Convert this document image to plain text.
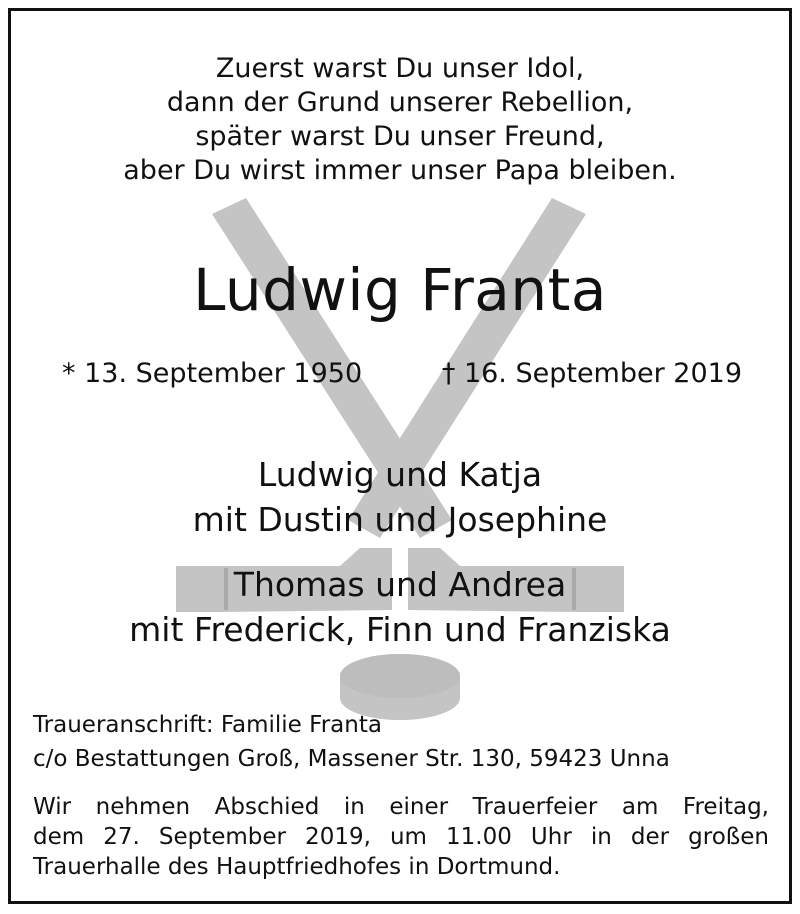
Zuerst warst Du unser Idol,
dann der Grund unserer Rebellion,
später warst Du unser Freund,
aber Du wirst immer unser Papa bleiben.
Ludwig Franta
* 13. September 1950	† 16. September 2019
Ludwig und Katja
mit Dustin und Josephine
Thomas und Andrea
mit Frederick, Finn und Franziska
Traueranschrift: Familie Franta
c/o Bestattungen Groß, Massener Str. 130, 59423 Unna
Wir nehmen Abschied in einer Trauerfeier am Freitag,
dem 27. September 2019, um 11.00 Uhr in der großen
Trauerhalle des Hauptfriedhofes in Dortmund.
